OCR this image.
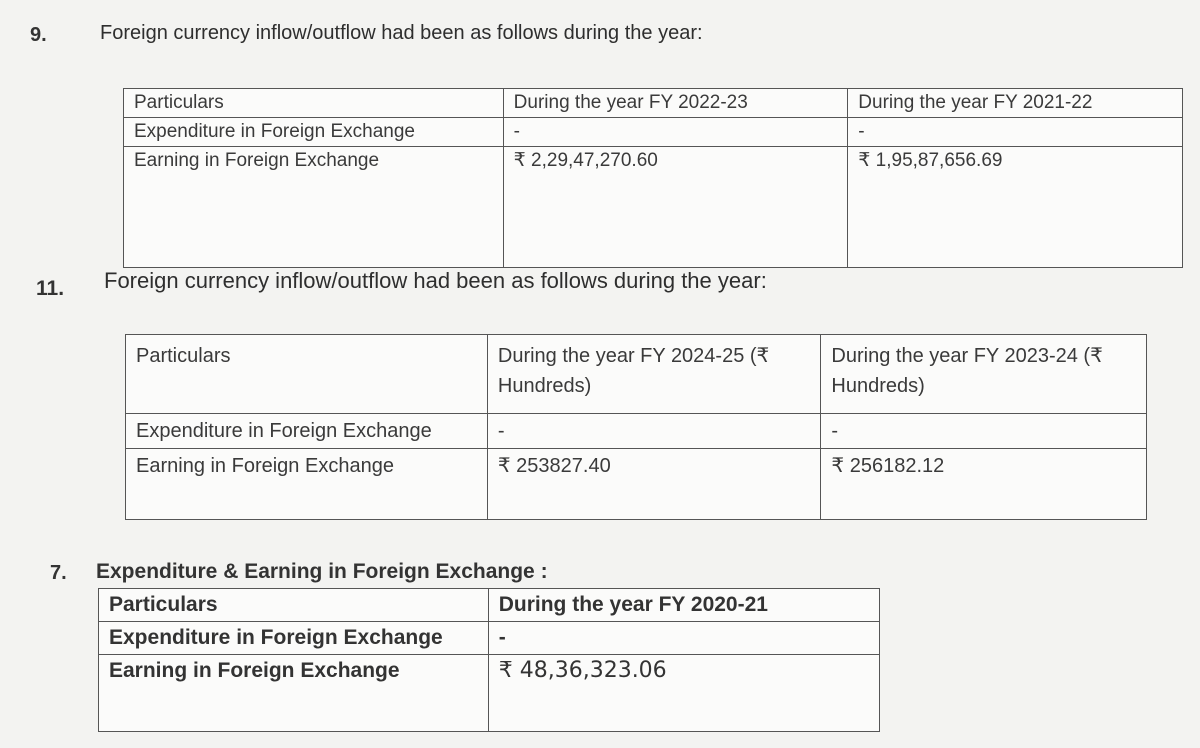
9.	Foreign currency inflow/outflow had been as follows during the year:
Particulars	During the year FY 2022-23	During the year FY 2021-22
Expenditure in Foreign Exchange	-	-
Earning in Foreign Exchange	₹ 2,29,47,270.60	₹ 1,95,87,656.69

11. Foreign currency inflow/outflow had been as follows during the year:
Particulars	During the year FY 2024-25 (₹ Hundreds)	During the year FY 2023-24 (₹ Hundreds)
Expenditure in Foreign Exchange	-	-
Earning in Foreign Exchange	₹ 253827.40	₹ 256182.12

7. Expenditure & Earning in Foreign Exchange :
Particulars	During the year FY 2020-21
Expenditure in Foreign Exchange	-
Earning in Foreign Exchange	₹ 48,36,323.06
